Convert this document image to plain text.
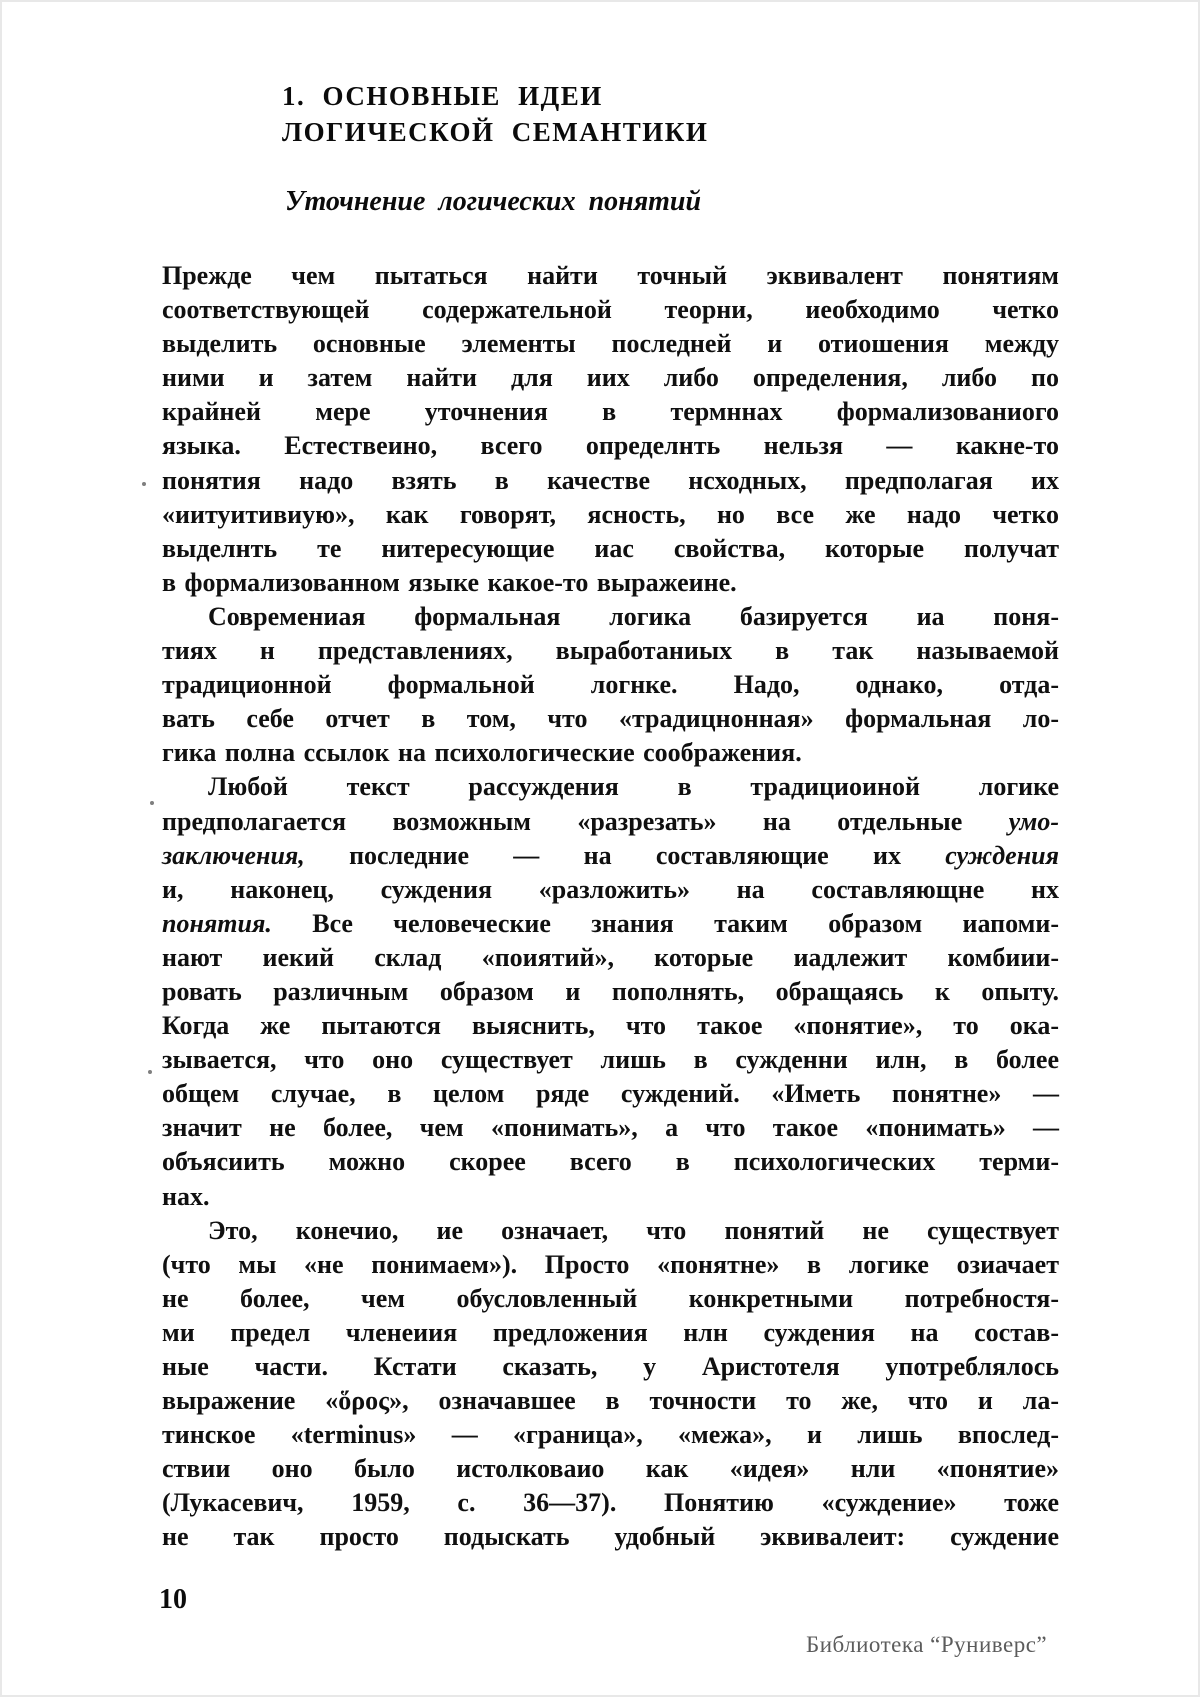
1. ОСНОВНЫЕ ИДЕИ
ЛОГИЧЕСКОЙ СЕМАНТИКИ
Уточнение логических понятий
Прежде чем пытаться найти точный эквивалент понятиям
соответствующей содержательной теорни, иеобходимо четко
выделить основные элементы последней и отиошения между
ними и затем найти для иих либо определения, либо по
крайней мере уточнения в термннах формализованиого
языка. Естествеино, всего определнть нельзя — какне-то
понятия надо взять в качестве нсходных, предполагая их
«иитуитивиую», как говорят, ясность, но все же надо четко
выделнть те нитересующие иас свойства, которые получат
в формализованном языке какое-то выражеине.
Современиая формальная логика базируется иа поня-
тиях н представлениях, выработаниых в так называемой
традиционной формальной логнке. Надо, однако, отда-
вать себе отчет в том, что «традицнонная» формальная ло-
гика полна ссылок на психологические соображения.
Любой текст рассуждения в традициоиной логике
предполагается возможным «разрезать» на отдельные умо-
заключения, последние — на составляющие их суждения
и, наконец, суждения «разложить» на составляющне нх
понятия. Все человеческие знания таким образом иапоми-
нают иекий склад «поиятий», которые иадлежит комбиии-
ровать различным образом и пополнять, обращаясь к опыту.
Когда же пытаются выяснить, что такое «понятие», то ока-
зывается, что оно существует лишь в сужденни илн, в более
общем случае, в целом ряде суждений. «Иметь понятне» —
значит не более, чем «понимать», а что такое «понимать» —
объясиить можно скорее всего в психологических терми-
нах.
Это, конечио, ие означает, что понятий не существует
(что мы «не понимаем»). Просто «понятне» в логике озиачает
не более, чем обусловленный конкретными потребностя-
ми предел членеиия предложения нлн суждения на состав-
ные части. Кстати сказать, у Аристотеля употреблялось
выражение «ὅρος», означавшее в точности то же, что и ла-
тинское «terminus» — «граница», «межа», и лишь впослед-
ствии оно было истолковаио как «идея» нли «понятие»
(Лукасевич, 1959, с. 36—37). Понятию «суждение» тоже
не так просто подыскать удобный эквивалеит: суждение
10
Библиотека “Руниверс”
